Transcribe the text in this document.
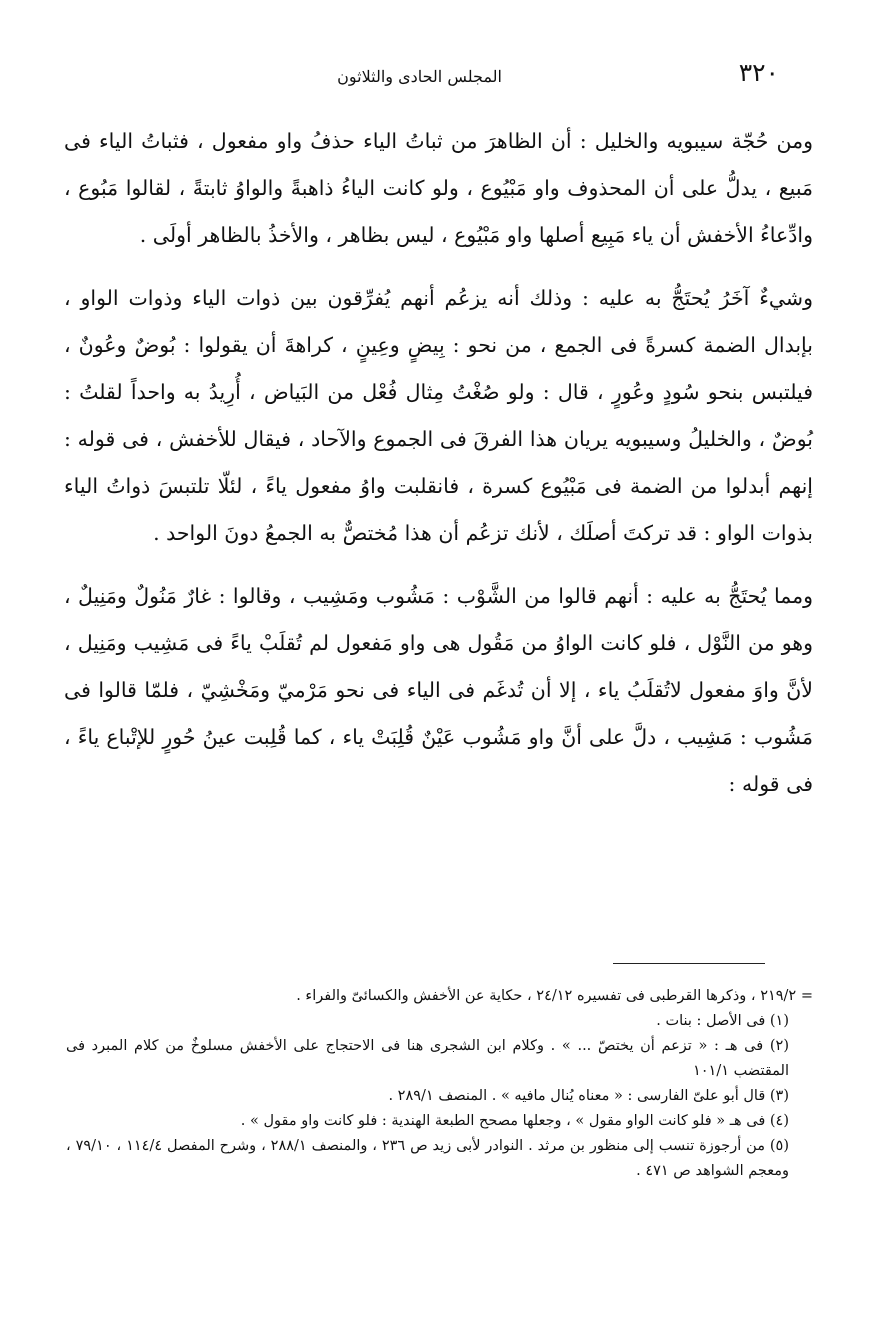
٣٢٠
المجلس الحادى والثلاثون

ومن حُجّة سيبويه والخليل : أن الظاهرَ من ثباتُ الياء حذفُ واو مفعول ، فثباتُ الياء فى مَبيع ، يدلُّ على أن المحذوف واو مَبْيُوع ، ولو كانت الياءُ ذاهبةً والواوُ ثابتةً ، لقالوا مَبُوع ، وادِّعاءُ الأخفش أن ياء مَبِيع أصلها واو مَبْيُوع ، ليس بظاهر ، والأخذُ بالظاهر أولَى .

وشيءٌ آخَرُ يُحتَجُّ به عليه : وذلك أنه يزعُم أنهم يُفرِّقون بين ذوات الياء وذوات الواو ، بإبدال الضمة كسرةً فى الجمع ، من نحو : بِيضٍ وعِينٍ ، كراهةَ أن يقولوا : بُوضٌ وعُونٌ ، فيلتبس بنحو سُودٍ وعُورٍ ، قال : ولو صُغْتُ مِثال فُعْل من البَياض ، أُرِيدُ به واحداً لقلتُ : بُوضٌ ، والخليلُ وسيبويه يريان هذا الفرقَ فى الجموع والآحاد ، فيقال للأخفش ، فى قوله : إنهم أبدلوا من الضمة فى مَبْيُوع كسرة ، فانقلبت واوُ مفعول ياءً ، لئلّا تلتبسَ ذواتُ الياء بذوات الواو : قد تركتَ أصلَك ، لأنك تزعُم أن هذا مُختصٌّ به الجمعُ دونَ الواحد .

ومما يُحتَجُّ به عليه : أنهم قالوا من الشَّوْب : مَشُوب ومَشِيب ، وقالوا : غارٌ مَنُولٌ ومَنِيلٌ ، وهو من النَّوْل ، فلو كانت الواوُ من مَقُول هى واو مَفعول لم تُقلَبْ ياءً فى مَشِيب ومَنِيل ، لأنَّ واوَ مفعول لاتُقلَبُ ياء ، إلا أن تُدغَم فى الياء فى نحو مَرْميّ ومَخْشِيّ ، فلمّا قالوا فى مَشُوب : مَشِيب ، دلَّ على أنَّ واو مَشُوب عَيْنٌ قُلِبَتْ ياء ، كما قُلِبت عينُ حُورٍ للإتْباع ياءً ، فى قوله :

= ٢١٩/٢ ، وذكرها القرطبى فى تفسيره ٢٤/١٢ ، حكاية عن الأخفش والكسائىّ والفراء .

(١) فى الأصل : بنات .

(٢) فى هـ : « تزعم أن يختصّ ... » . وكلام ابن الشجرى هنا فى الاحتجاج على الأخفش مسلوخٌ من كلام المبرد فى المقتضب ١٠١/١

(٣) قال أبو علىّ الفارسى : « معناه يُنال مافيه » . المنصف ٢٨٩/١ .

(٤) فى هـ « فلو كانت الواو مقول » ، وجعلها مصحح الطبعة الهندية : فلو كانت واو مقول » .

(٥) من أرجوزة تنسب إلى منظور بن مرثد . النوادر لأبى زيد ص ٢٣٦ ، والمنصف ٢٨٨/١ ، وشرح المفصل ١١٤/٤ ، ٧٩/١٠ ، ومعجم الشواهد ص ٤٧١ .
